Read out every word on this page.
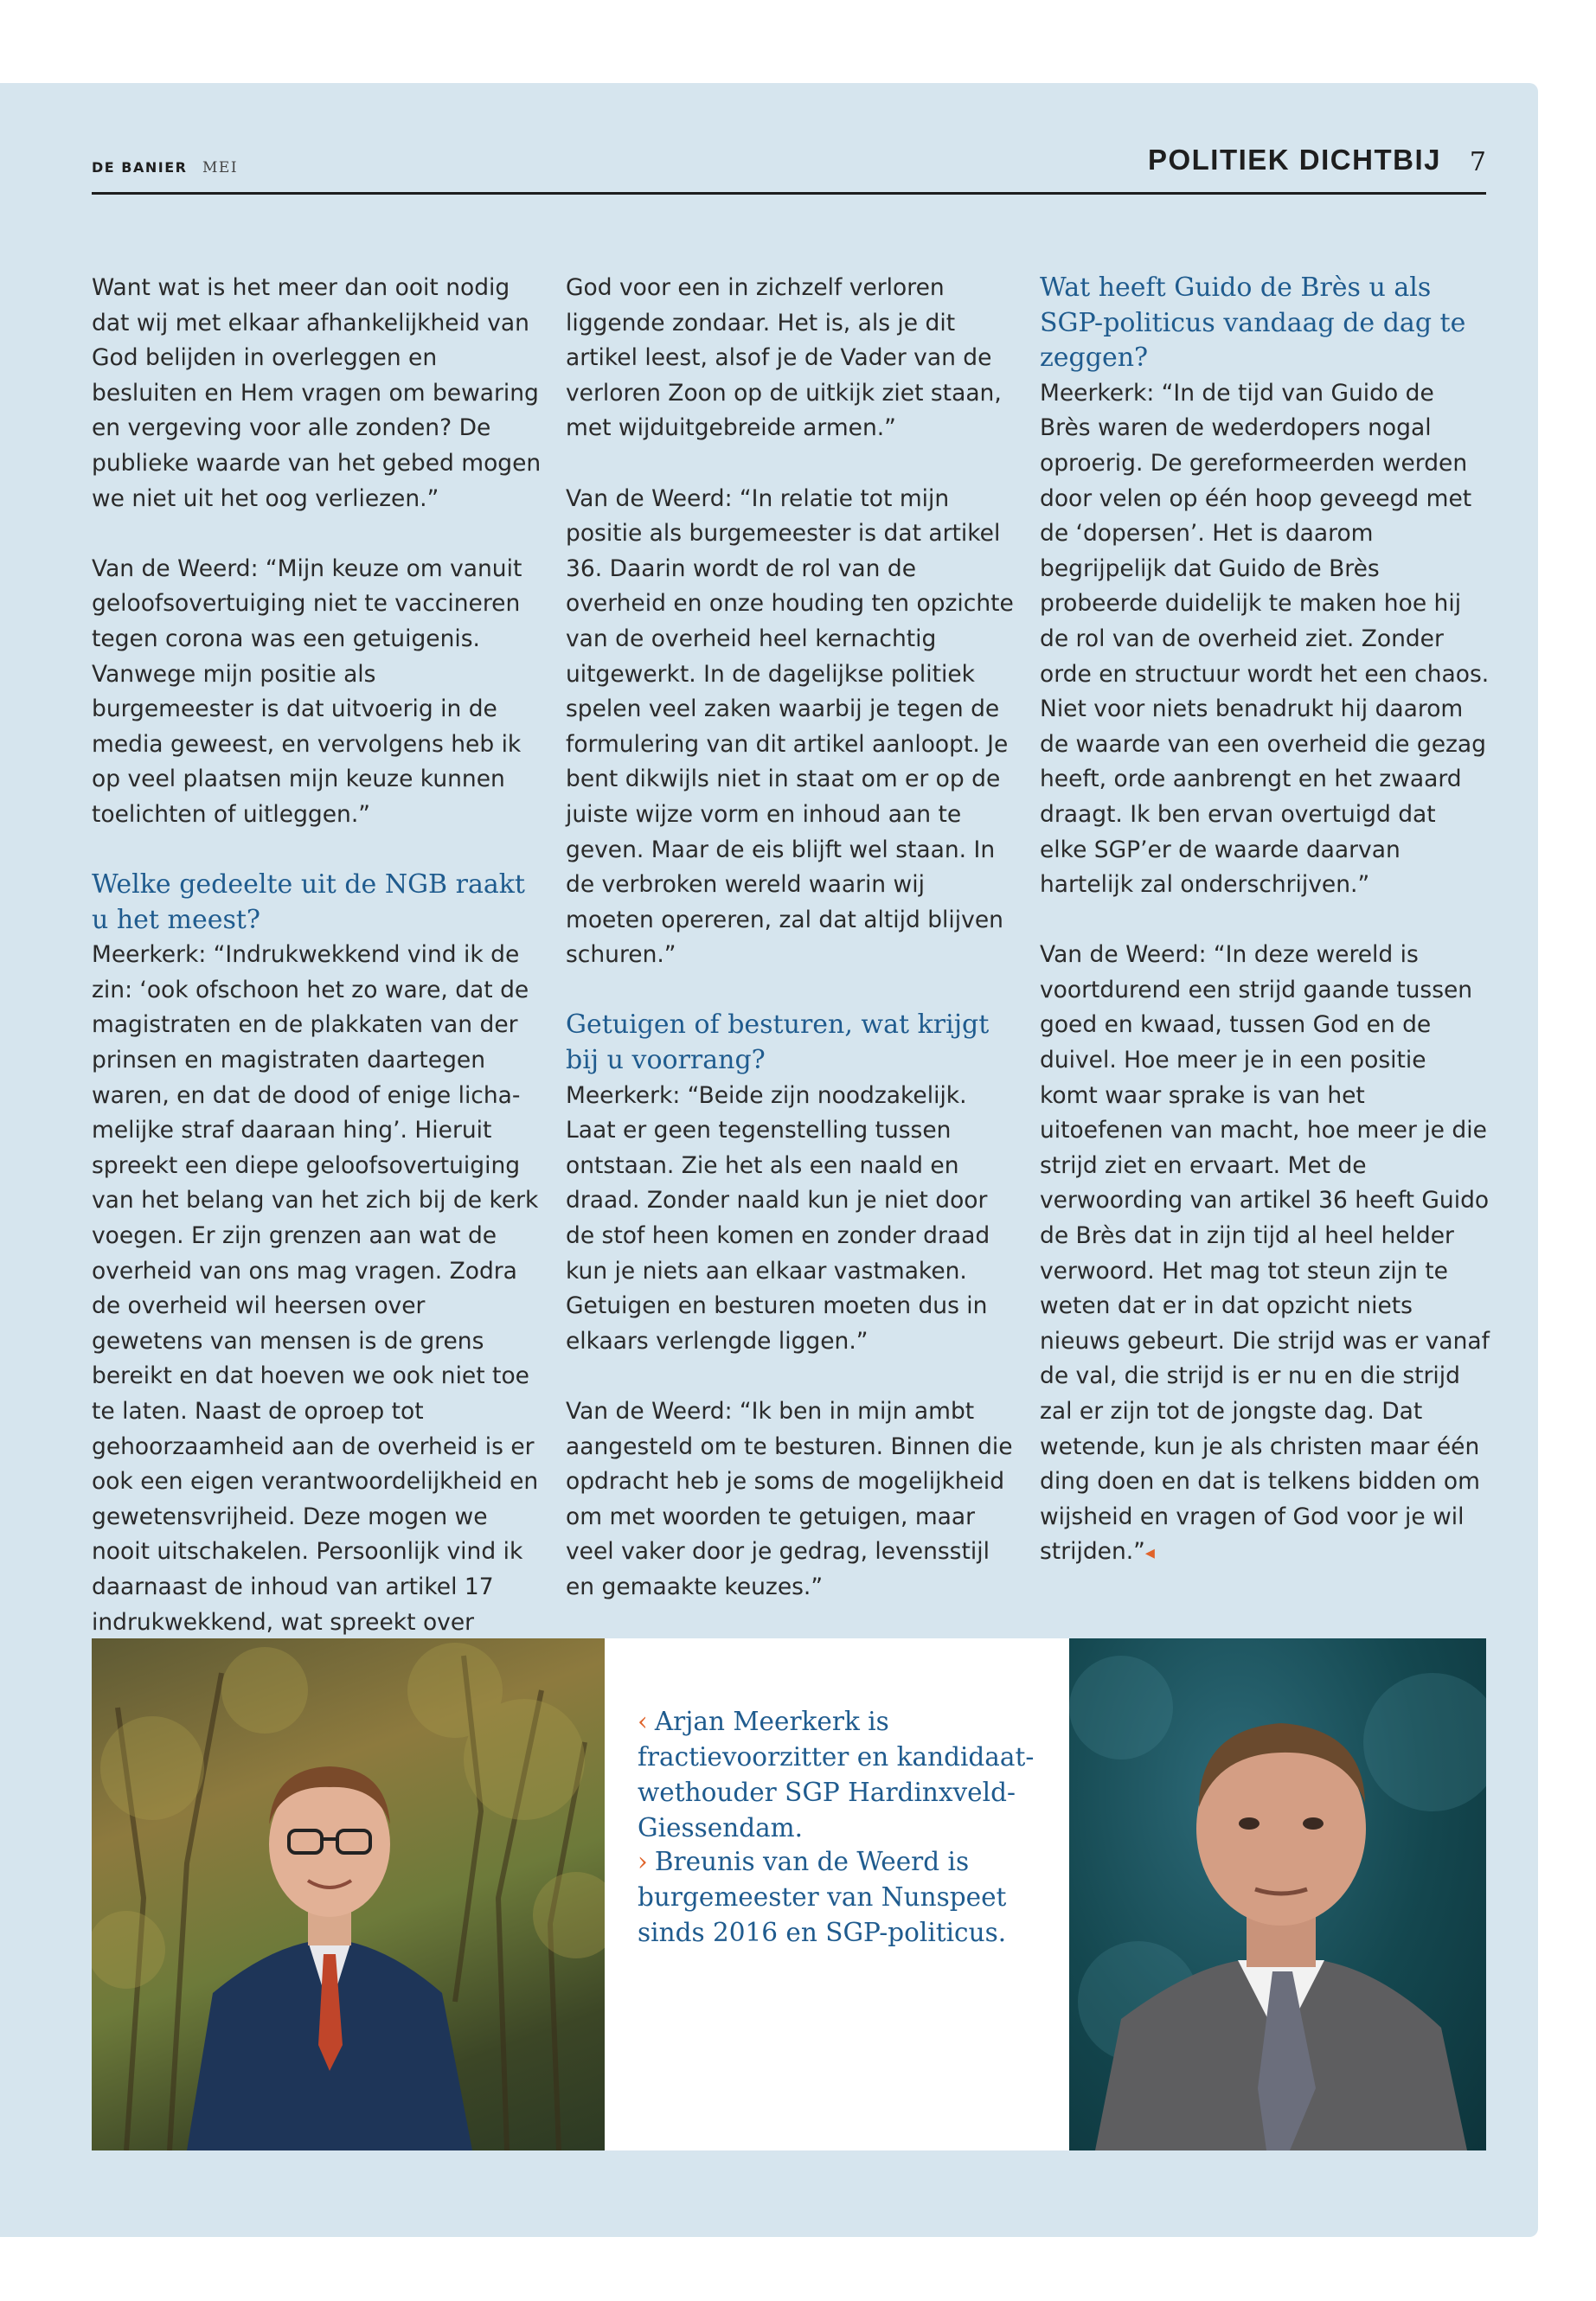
DE BANIER MEI	POLITIEK DICHTBIJ 7

Want wat is het meer dan ooit nodig dat wij met elkaar afhankelijkheid van God belijden in overleggen en besluiten en Hem vragen om bewaring en vergeving voor alle zonden? De publieke waarde van het gebed mogen we niet uit het oog verliezen.”

Van de Weerd: “Mijn keuze om vanuit geloofsovertuiging niet te vaccineren tegen corona was een getuigenis. Vanwege mijn positie als burgemeester is dat uitvoerig in de media geweest, en vervolgens heb ik op veel plaatsen mijn keuze kunnen toelichten of uitleggen.”

Welke gedeelte uit de NGB raakt u het meest?

Meerkerk: “Indrukwekkend vind ik de zin: ‘ook ofschoon het zo ware, dat de magistraten en de plakkaten van der prinsen en magistraten daartegen waren, en dat de dood of enige lichamelijke straf daaraan hing’. Hieruit spreekt een diepe geloofsovertuiging van het belang van het zich bij de kerk voegen. Er zijn grenzen aan wat de overheid van ons mag vragen. Zodra de overheid wil heersen over gewetens van mensen is de grens bereikt en dat hoeven we ook niet toe te laten. Naast de oproep tot gehoorzaamheid aan de overheid is er ook een eigen verantwoordelijkheid en gewetensvrijheid. Deze mogen we nooit uitschakelen. Persoonlijk vind ik daarnaast de inhoud van artikel 17 indrukwekkend, wat spreekt over

God voor een in zichzelf verloren liggende zondaar. Het is, als je dit artikel leest, alsof je de Vader van de verloren Zoon op de uitkijk ziet staan, met wijduitgebreide armen.”

Van de Weerd: “In relatie tot mijn positie als burgemeester is dat artikel 36. Daarin wordt de rol van de overheid en onze houding ten opzichte van de overheid heel kernachtig uitgewerkt. In de dagelijkse politiek spelen veel zaken waarbij je tegen de formulering van dit artikel aanloopt. Je bent dikwijls niet in staat om er op de juiste wijze vorm en inhoud aan te geven. Maar de eis blijft wel staan. In de verbroken wereld waarin wij moeten opereren, zal dat altijd blijven schuren.”

Getuigen of besturen, wat krijgt bij u voorrang?

Meerkerk: “Beide zijn noodzakelijk. Laat er geen tegenstelling tussen ontstaan. Zie het als een naald en draad. Zonder naald kun je niet door de stof heen komen en zonder draad kun je niets aan elkaar vastmaken. Getuigen en besturen moeten dus in elkaars verlengde liggen.”

Van de Weerd: “Ik ben in mijn ambt aangesteld om te besturen. Binnen die opdracht heb je soms de mogelijkheid om met woorden te getuigen, maar veel vaker door je gedrag, levensstijl en gemaakte keuzes.”

Wat heeft Guido de Brès u als SGP-politicus vandaag de dag te zeggen?

Meerkerk: “In de tijd van Guido de Brès waren de wederdopers nogal oproerig. De gereformeerden werden door velen op één hoop geveegd met de ‘dopersen’. Het is daarom begrijpelijk dat Guido de Brès probeerde duidelijk te maken hoe hij de rol van de overheid ziet. Zonder orde en structuur wordt het een chaos. Niet voor niets benadrukt hij daarom de waarde van een overheid die gezag heeft, orde aanbrengt en het zwaard draagt. Ik ben ervan overtuigd dat elke SGP’er de waarde daarvan hartelijk zal onderschrijven.”

Van de Weerd: “In deze wereld is voortdurend een strijd gaande tussen goed en kwaad, tussen God en de duivel. Hoe meer je in een positie komt waar sprake is van het uitoefenen van macht, hoe meer je die strijd ziet en ervaart. Met de verwoording van artikel 36 heeft Guido de Brès dat in zijn tijd al heel helder verwoord. Het mag tot steun zijn te weten dat er in dat opzicht niets nieuws gebeurt. Die strijd was er vanaf de val, die strijd is er nu en die strijd zal er zijn tot de jongste dag. Dat wetende, kun je als christen maar één ding doen en dat is telkens bidden om wijsheid en vragen of God voor je wil strijden.”◂

‹ Arjan Meerkerk is fractievoorzitter en kandidaat-wethouder SGP Hardinxveld-Giessendam.
› Breunis van de Weerd is burgemeester van Nunspeet sinds 2016 en SGP-politicus.
